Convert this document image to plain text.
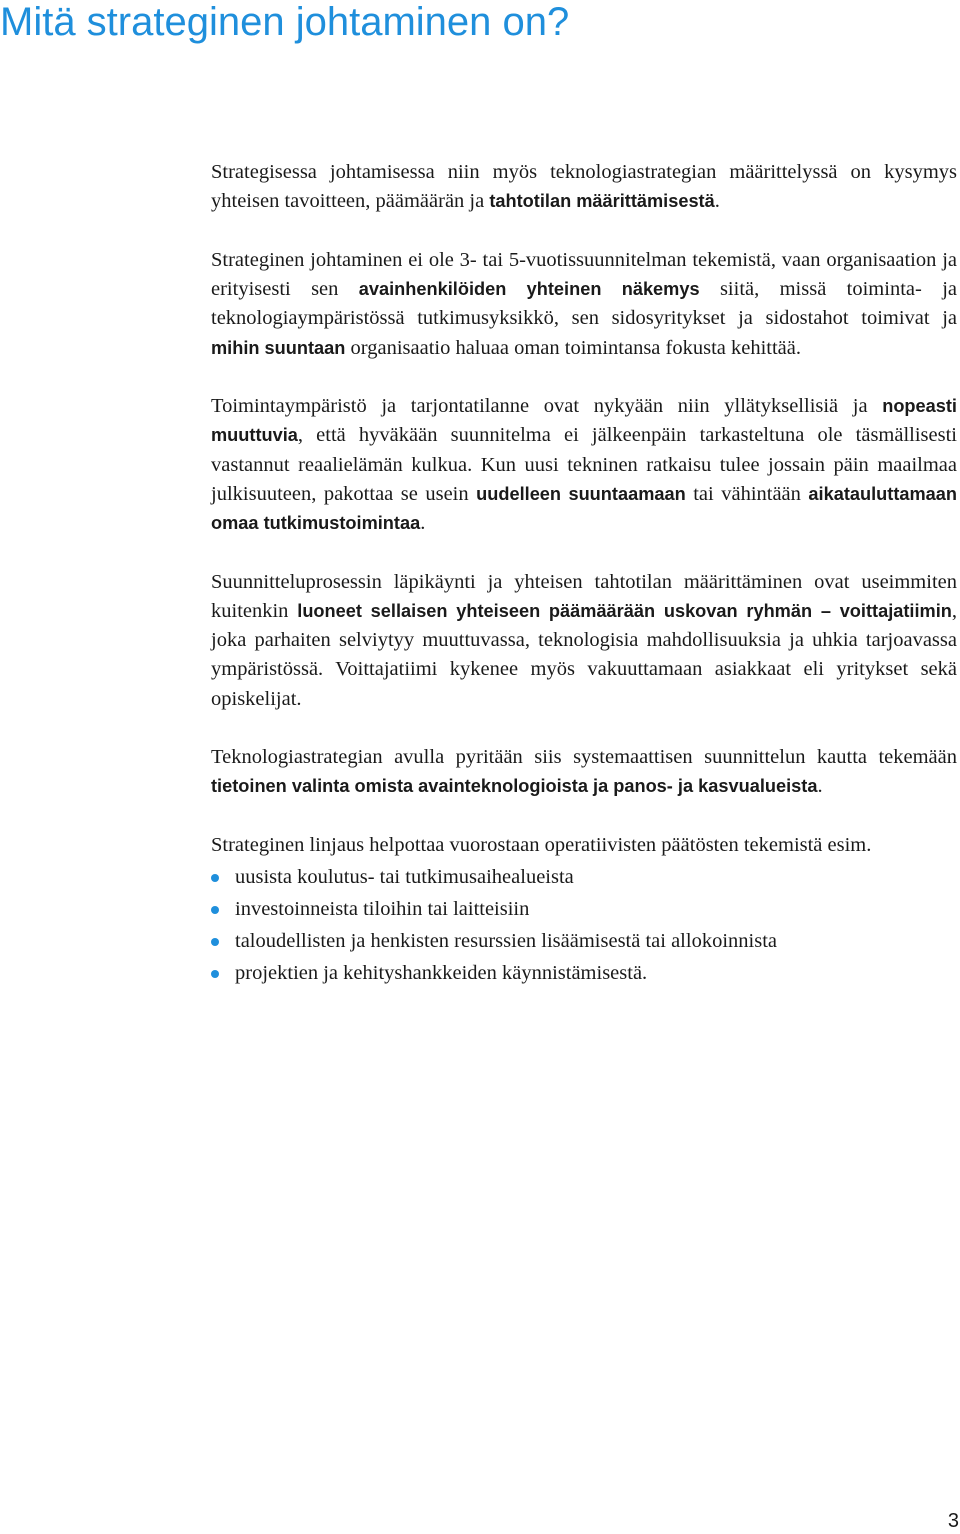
Mitä strateginen johtaminen on?

Strategisessa johtamisessa niin myös teknologiastrategian määrittelyssä on kysymys yhteisen tavoitteen, päämäärän ja tahtotilan määrittämisestä.

Strateginen johtaminen ei ole 3- tai 5-vuotissuunnitelman tekemistä, vaan organisaation ja erityisesti sen avainhenkilöiden yhteinen näkemys siitä, missä toiminta- ja teknologiaympäristössä tutkimusyksikkö, sen sidosyritykset ja sidostahot toimivat ja mihin suuntaan organisaatio haluaa oman toimintansa fokusta kehittää.

Toimintaympäristö ja tarjontatilanne ovat nykyään niin yllätyksellisiä ja nopeasti muuttuvia, että hyväkään suunnitelma ei jälkeenpäin tarkasteltuna ole täsmällisesti vastannut reaalielämän kulkua. Kun uusi tekninen ratkaisu tulee jossain päin maailmaa julkisuuteen, pakottaa se usein uudelleen suuntaamaan tai vähintään aikatauluttamaan omaa tutkimustoimintaa.

Suunnitteluprosessin läpikäynti ja yhteisen tahtotilan määrittäminen ovat useimmiten kuitenkin luoneet sellaisen yhteiseen päämäärään uskovan ryhmän – voittajatiimin, joka parhaiten selviytyy muuttuvassa, teknologisia mahdollisuuksia ja uhkia tarjoavassa ympäristössä. Voittajatiimi kykenee myös vakuuttamaan asiakkaat eli yritykset sekä opiskelijat.

Teknologiastrategian avulla pyritään siis systemaattisen suunnittelun kautta tekemään tietoinen valinta omista avainteknologioista ja panos- ja kasvualueista.

Strateginen linjaus helpottaa vuorostaan operatiivisten päätösten tekemistä esim.

uusista koulutus- tai tutkimusaihealueista
investoinneista tiloihin tai laitteisiin
taloudellisten ja henkisten resurssien lisäämisestä tai allokoinnista
projektien ja kehityshankkeiden käynnistämisestä.
3
